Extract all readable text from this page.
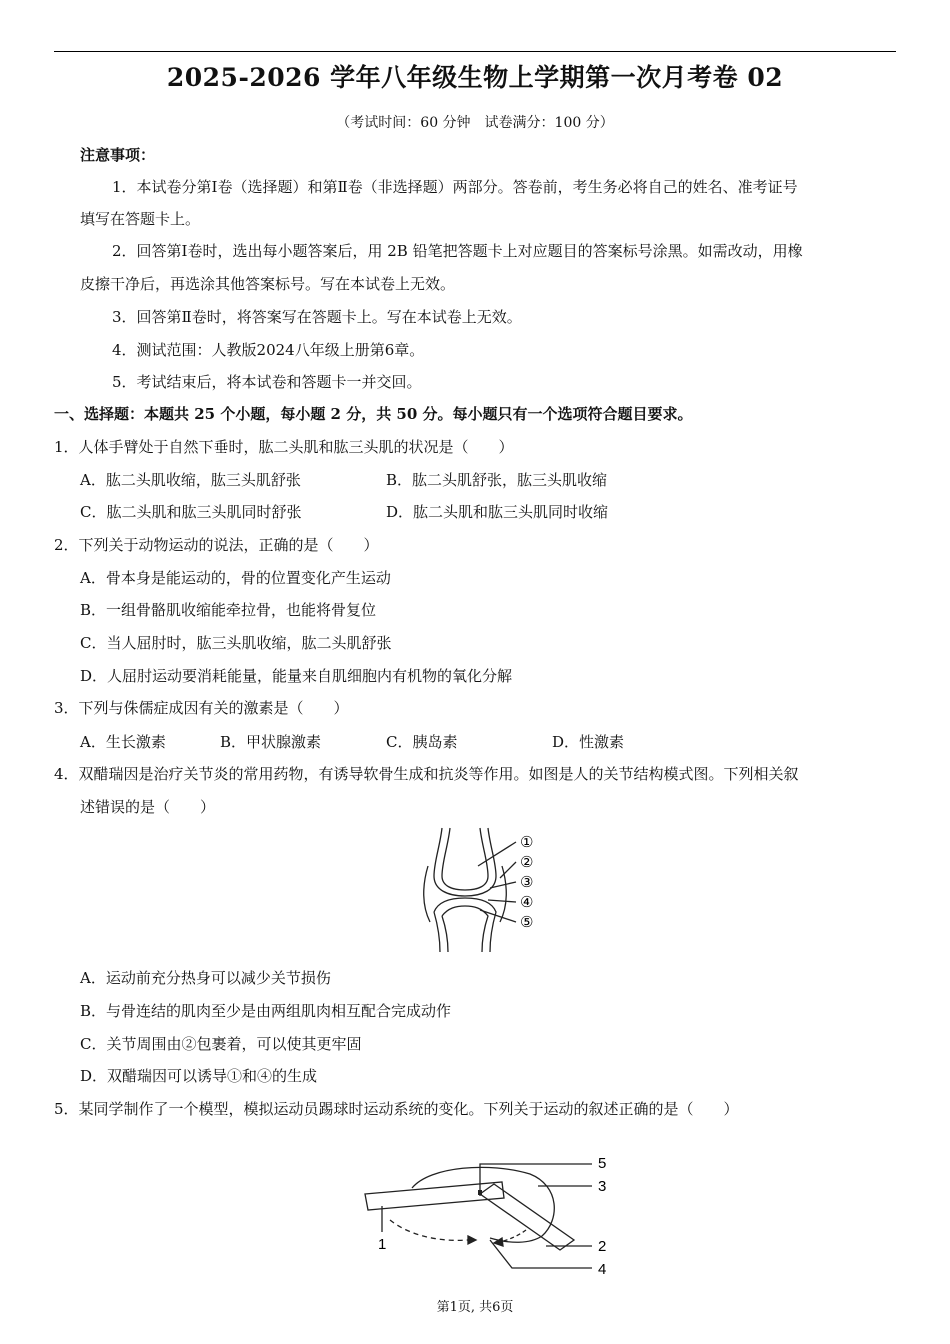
2025-2026 学年八年级生物上学期第一次月考卷 02
（考试时间：60 分钟　试卷满分：100 分）
注意事项：
1．本试卷分第Ⅰ卷（选择题）和第Ⅱ卷（非选择题）两部分。答卷前，考生务必将自己的姓名、准考证号
填写在答题卡上。
2．回答第Ⅰ卷时，选出每小题答案后，用 2B 铅笔把答题卡上对应题目的答案标号涂黑。如需改动，用橡
皮擦干净后，再选涂其他答案标号。写在本试卷上无效。
3．回答第Ⅱ卷时，将答案写在答题卡上。写在本试卷上无效。
4．测试范围：人教版2024八年级上册第6章。
5．考试结束后，将本试卷和答题卡一并交回。
一、选择题：本题共 25 个小题，每小题 2 分，共 50 分。每小题只有一个选项符合题目要求。
1．人体手臂处于自然下垂时，肱二头肌和肱三头肌的状况是（　　）
A．肱二头肌收缩，肱三头肌舒张	B．肱二头肌舒张，肱三头肌收缩
C．肱二头肌和肱三头肌同时舒张	D．肱二头肌和肱三头肌同时收缩
2．下列关于动物运动的说法，正确的是（　　）
A．骨本身是能运动的，骨的位置变化产生运动
B．一组骨骼肌收缩能牵拉骨，也能将骨复位
C．当人屈肘时，肱三头肌收缩，肱二头肌舒张
D．人屈肘运动要消耗能量，能量来自肌细胞内有机物的氧化分解
3．下列与侏儒症成因有关的激素是（　　）
A．生长激素	B．甲状腺激素	C．胰岛素	D．性激素
4．双醋瑞因是治疗关节炎的常用药物，有诱导软骨生成和抗炎等作用。如图是人的关节结构模式图。下列相关叙
述错误的是（　　）
①
②
③
④
⑤
A．运动前充分热身可以减少关节损伤
B．与骨连结的肌肉至少是由两组肌肉相互配合完成动作
C．关节周围由②包裹着，可以使其更牢固
D．双醋瑞因可以诱导①和④的生成
5．某同学制作了一个模型，模拟运动员踢球时运动系统的变化。下列关于运动的叙述正确的是（　　）
5
3
1	2
4
第1页, 共6页
